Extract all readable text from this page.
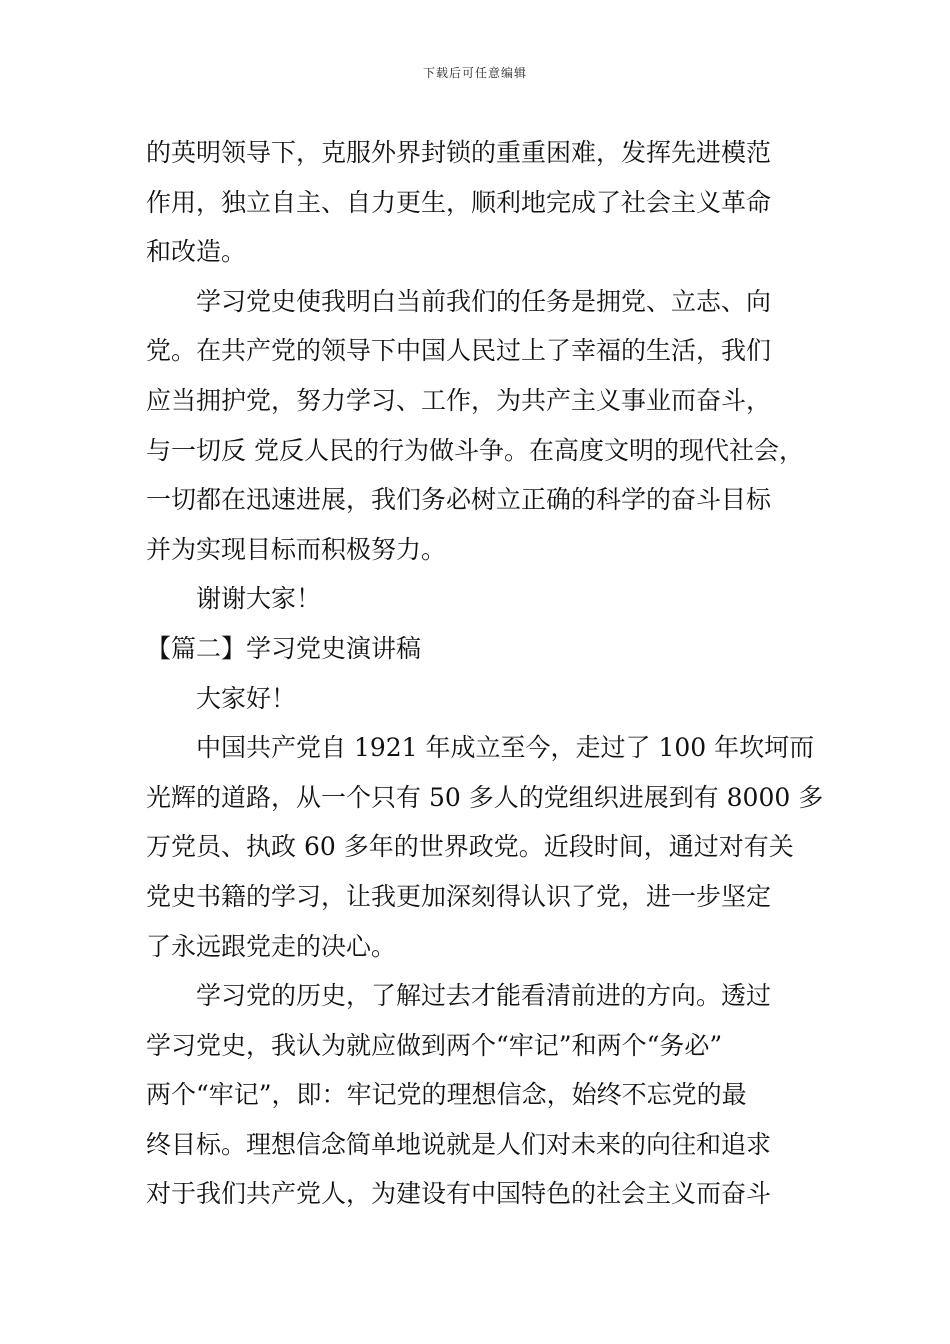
下载后可任意编辑
的英明领导下，克服外界封锁的重重困难，发挥先进模范
作用，独立自主、自力更生，顺利地完成了社会主义革命
和改造。
学习党史使我明白当前我们的任务是拥党、立志、向
党。在共产党的领导下中国人民过上了幸福的生活，我们
应当拥护党，努力学习、工作，为共产主义事业而奋斗，
与一切反 党反人民的行为做斗争。在高度文明的现代社会，
一切都在迅速进展，我们务必树立正确的科学的奋斗目标
并为实现目标而积极努力。
谢谢大家！
【篇二】学习党史演讲稿
大家好！
中国共产党自 1921 年成立至今，走过了 100 年坎坷而
光辉的道路，从一个只有 50 多人的党组织进展到有 8000 多
万党员、执政 60 多年的世界政党。近段时间，通过对有关
党史书籍的学习，让我更加深刻得认识了党，进一步坚定
了永远跟党走的决心。
学习党的历史，了解过去才能看清前进的方向。透过
学习党史，我认为就应做到两个“牢记”和两个“务必”
两个“牢记”，即：牢记党的理想信念，始终不忘党的最
终目标。理想信念简单地说就是人们对未来的向往和追求
对于我们共产党人，为建设有中国特色的社会主义而奋斗
